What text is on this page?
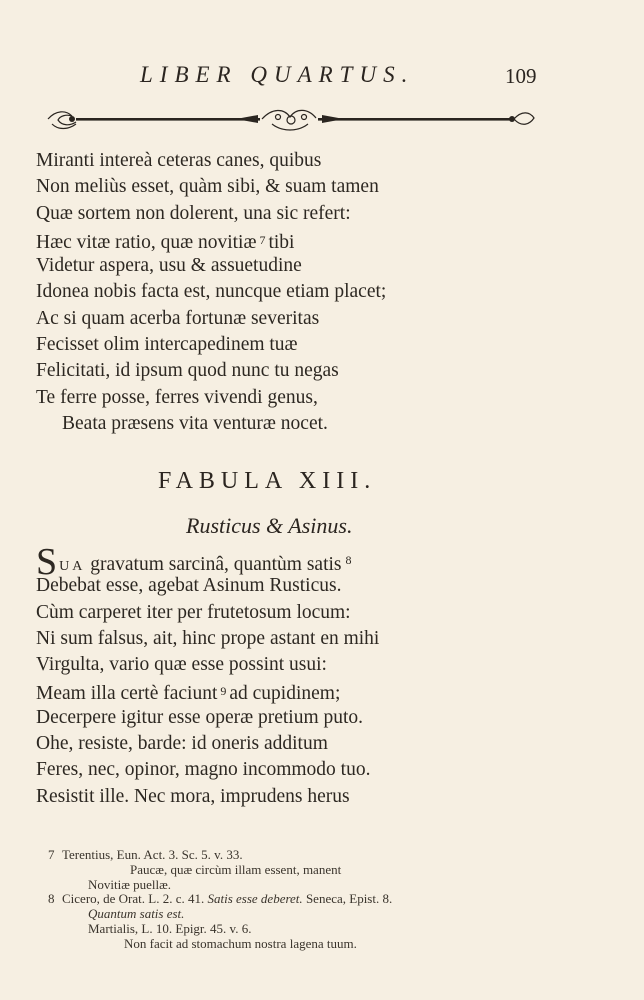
LIBER QUARTUS.	109
Miranti intereà ceteras canes, quibus
Non meliùs esset, quàm sibi, & suam tamen
Quæ sortem non dolerent, una sic refert:
Hæc vitæ ratio, quæ novitiæ $^7$ tibi
Videtur aspera, usu & assuetudine
Idonea nobis facta est, nuncque etiam placet;
Ac si quam acerba fortunæ severitas
Fecisset olim intercapedinem tuæ
Felicitati, id ipsum quod nunc tu negas
Te ferre posse, ferres vivendi genus,
Beata præsens vita venturæ nocet.
FABULA XIII.
Rusticus & Asinus.
SUA gravatum sarcinâ, quantùm satis $^8$
Debebat esse, agebat Asinum Rusticus.
Cùm carperet iter per frutetosum locum:
Ni sum falsus, ait, hinc prope astant en mihi
Virgulta, vario quæ esse possint usui:
Meam illa certè faciunt $^9$ ad cupidinem;
Decerpere igitur esse operæ pretium puto.
Ohe, resiste, barde: id oneris additum
Feres, nec, opinor, magno incommodo tuo.
Resistit ille. Nec mora, imprudens herus
7 Terentius, Eun. Act. 3. Sc. 5. v. 33.
Paucæ, quæ circùm illam essent, manent
Novitiæ puellæ.
8 Cicero, de Orat. L. 2. c. 41. Satis esse deberet. Seneca, Epist. 8.
Quantum satis est.
Martialis, L. 10. Epigr. 45. v. 6.
Non facit ad stomachum nostra lagena tuum.
